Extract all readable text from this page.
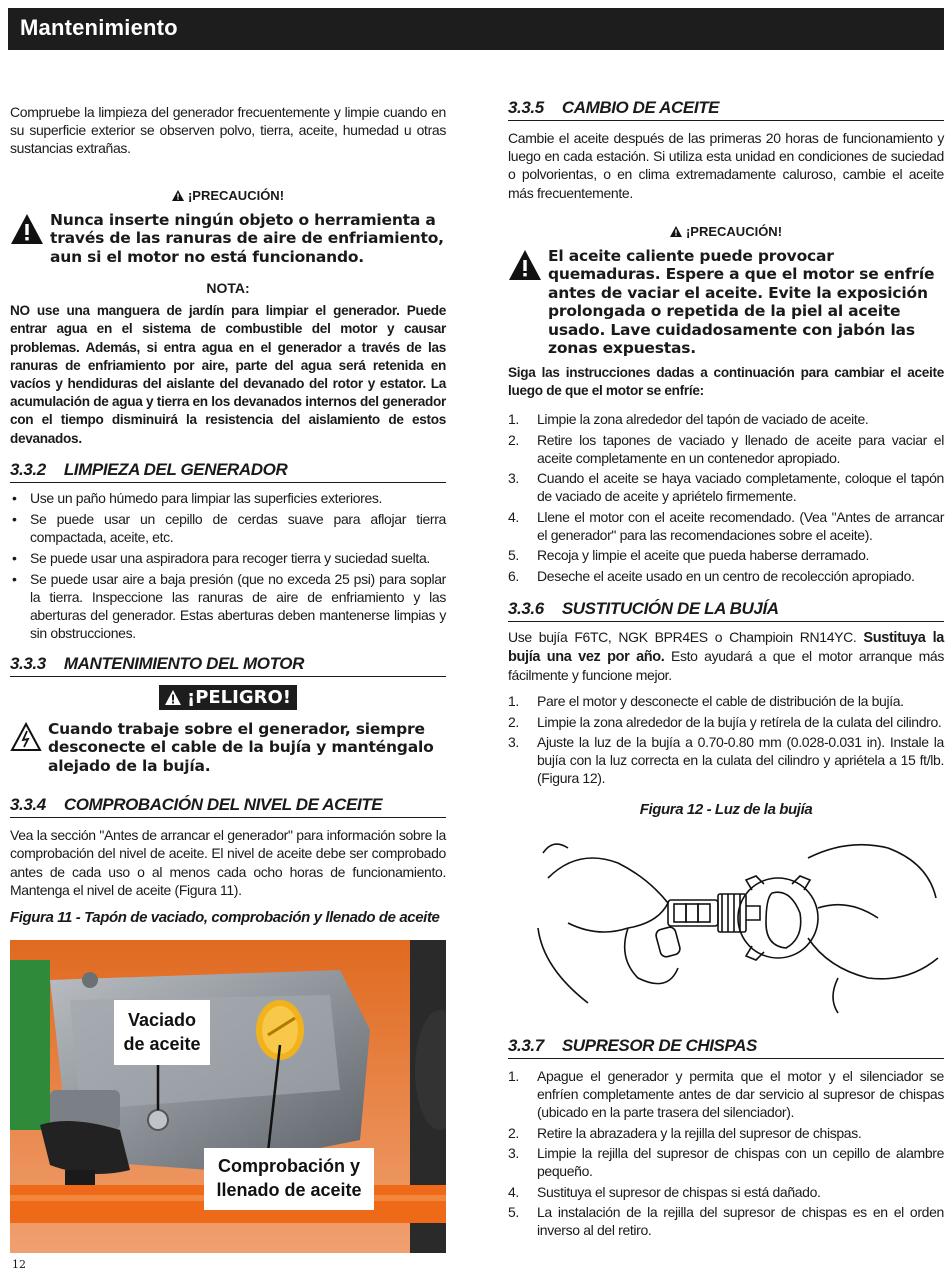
Mantenimiento

Compruebe la limpieza del generador frecuentemente y limpie cuando en su superficie exterior se observen polvo, tierra, aceite, humedad u otras sustancias extrañas.

¡PRECAUCIÓN!
Nunca inserte ningún objeto o herramienta a través de las ranuras de aire de enfriamiento, aun si el motor no está funcionando.
NOTA:
NO use una manguera de jardín para limpiar el generador. Puede entrar agua en el sistema de combustible del motor y causar problemas. Además, si entra agua en el generador a través de las ranuras de enfriamiento por aire, parte del agua será retenida en vacíos y hendiduras del aislante del devanado del rotor y estator. La acumulación de agua y tierra en los devanados internos del generador con el tiempo disminuirá la resistencia del aislamiento de estos devanados.
3.3.2 LIMPIEZA DEL GENERADOR
• Use un paño húmedo para limpiar las superficies exteriores.
• Se puede usar un cepillo de cerdas suave para aflojar tierra compactada, aceite, etc.
• Se puede usar una aspiradora para recoger tierra y suciedad suelta.
• Se puede usar aire a baja presión (que no exceda 25 psi) para soplar la tierra. Inspeccione las ranuras de aire de enfriamiento y las aberturas del generador. Estas aberturas deben mantenerse limpias y sin obstrucciones.
3.3.3 MANTENIMIENTO DEL MOTOR
¡PELIGRO!
Cuando trabaje sobre el generador, siempre desconecte el cable de la bujía y manténgalo alejado de la bujía.
3.3.4 COMPROBACIÓN DEL NIVEL DE ACEITE

Vea la sección "Antes de arrancar el generador" para información sobre la comprobación del nivel de aceite. El nivel de aceite debe ser comprobado antes de cada uso o al menos cada ocho horas de funcionamiento. Mantenga el nivel de aceite (Figura 11).

Figura 11 - Tapón de vaciado, comprobación y llenado de aceite
Vaciado
de aceite
Comprobación y
llenado de aceite
3.3.5 CAMBIO DE ACEITE

Cambie el aceite después de las primeras 20 horas de funcionamiento y luego en cada estación. Si utiliza esta unidad en condiciones de suciedad o polvorientas, o en clima extremadamente caluroso, cambie el aceite más frecuentemente.

¡PRECAUCIÓN!
El aceite caliente puede provocar quemaduras. Espere a que el motor se enfríe antes de vaciar el aceite. Evite la exposición prolongada o repetida de la piel al aceite usado. Lave cuidadosamente con jabón las zonas expuestas.
Siga las instrucciones dadas a continuación para cambiar el aceite luego de que el motor se enfríe:
1.	Limpie la zona alrededor del tapón de vaciado de aceite.
2.	Retire los tapones de vaciado y llenado de aceite para vaciar el aceite completamente en un contenedor apropiado.
3.	Cuando el aceite se haya vaciado completamente, coloque el tapón de vaciado de aceite y apriételo firmemente.
4.	Llene el motor con el aceite recomendado. (Vea "Antes de arrancar el generador" para las recomendaciones sobre el aceite).
5.	Recoja y limpie el aceite que pueda haberse derramado.
6.	Deseche el aceite usado en un centro de recolección apropiado.
3.3.6 SUSTITUCIÓN DE LA BUJÍA

Use bujía F6TC, NGK BPR4ES o Champioin RN14YC. Sustituya la bujía una vez por año. Esto ayudará a que el motor arranque más fácilmente y funcione mejor.

1.	Pare el motor y desconecte el cable de distribución de la bujía.
2.	Limpie la zona alrededor de la bujía y retírela de la culata del cilindro.
3.	Ajuste la luz de la bujía a 0.70-0.80 mm (0.028-0.031 in). Instale la bujía con la luz correcta en la culata del cilindro y apriétela a 15 ft/lb. (Figura 12).
Figura 12 - Luz de la bujía
3.3.7 SUPRESOR DE CHISPAS
1.	Apague el generador y permita que el motor y el silenciador se enfríen completamente antes de dar servicio al supresor de chispas (ubicado en la parte trasera del silenciador).
2.	Retire la abrazadera y la rejilla del supresor de chispas.
3.	Limpie la rejilla del supresor de chispas con un cepillo de alambre pequeño.
4.	Sustituya el supresor de chispas si está dañado.
5.	La instalación de la rejilla del supresor de chispas es en el orden inverso al del retiro.
12
